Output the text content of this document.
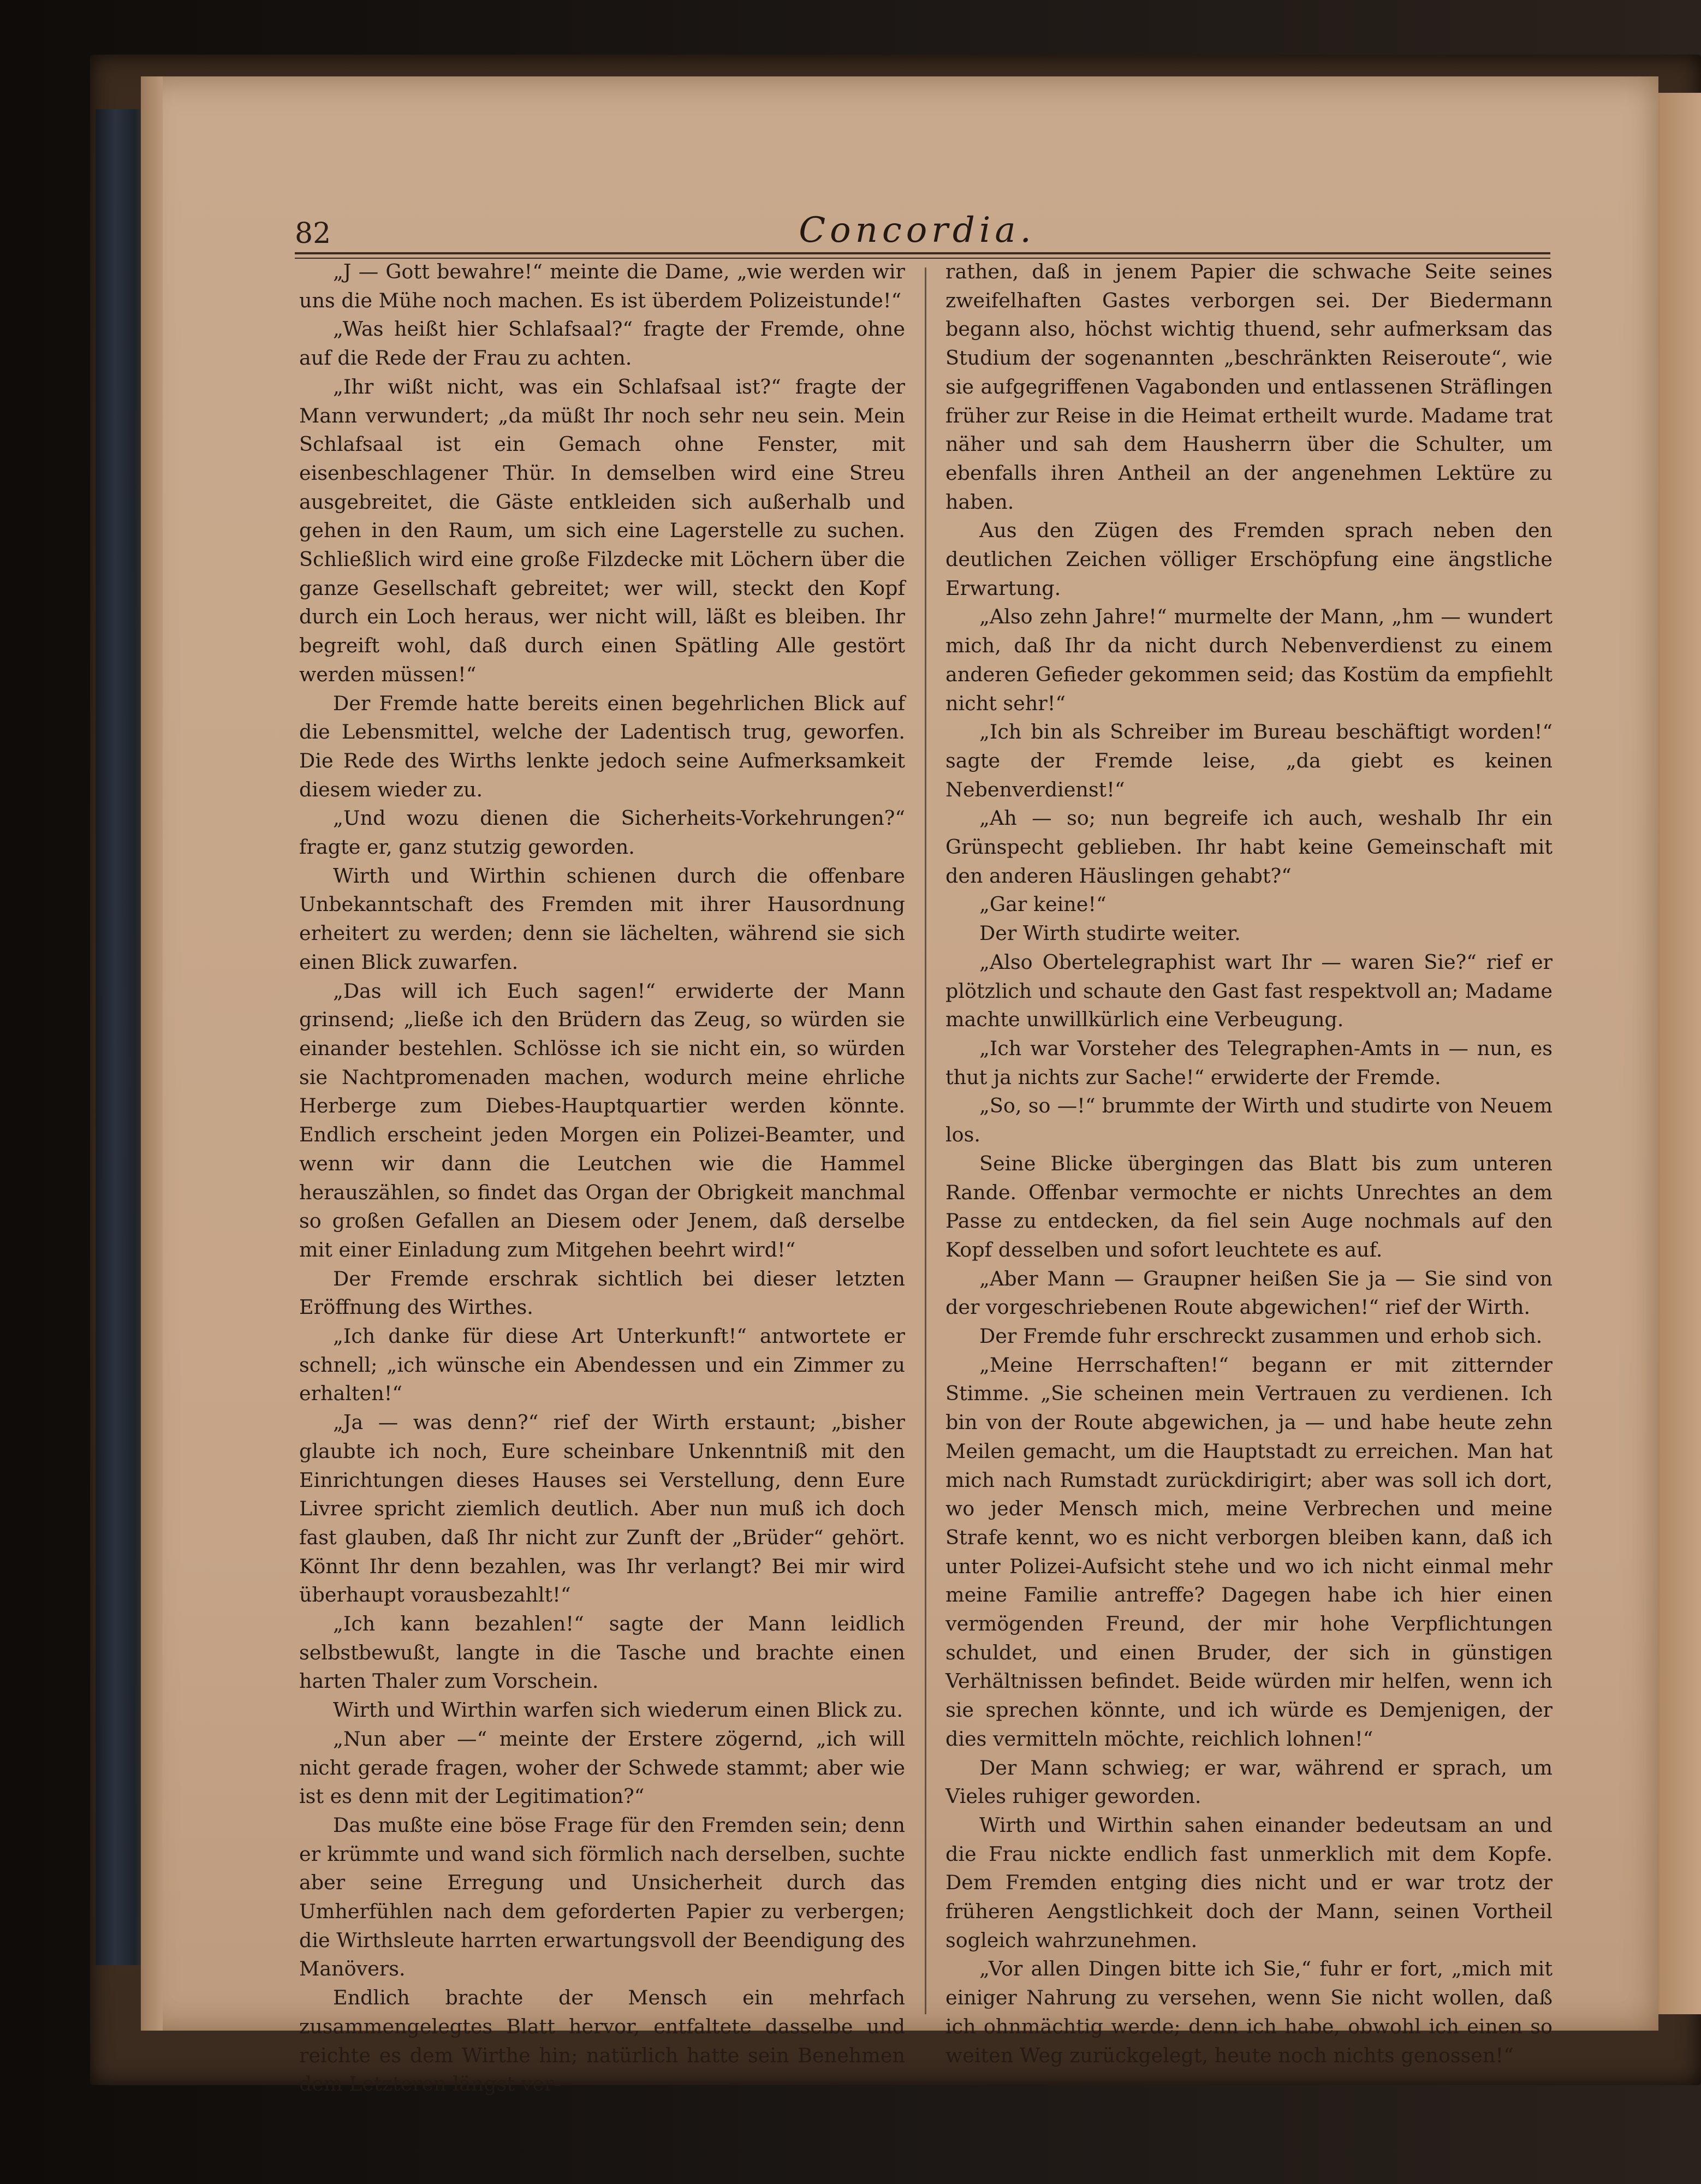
82	Concordia.

„J — Gott bewahre!“ meinte die Dame, „wie werden wir uns die Mühe noch machen. Es ist überdem Polizeistunde!“

„Was heißt hier Schlafsaal?“ fragte der Fremde, ohne auf die Rede der Frau zu achten.

„Ihr wißt nicht, was ein Schlafsaal ist?“ fragte der Mann verwundert; „da müßt Ihr noch sehr neu sein. Mein Schlafsaal ist ein Gemach ohne Fenster, mit eisenbeschlagener Thür. In demselben wird eine Streu ausgebreitet, die Gäste entkleiden sich außerhalb und gehen in den Raum, um sich eine Lagerstelle zu suchen. Schließlich wird eine große Filzdecke mit Löchern über die ganze Gesellschaft gebreitet; wer will, steckt den Kopf durch ein Loch heraus, wer nicht will, läßt es bleiben. Ihr begreift wohl, daß durch einen Spätling Alle gestört werden müssen!“

Der Fremde hatte bereits einen begehrlichen Blick auf die Lebensmittel, welche der Ladentisch trug, geworfen. Die Rede des Wirths lenkte jedoch seine Aufmerksamkeit diesem wieder zu.

„Und wozu dienen die Sicherheits-Vorkehrungen?“ fragte er, ganz stutzig geworden.

Wirth und Wirthin schienen durch die offenbare Unbekanntschaft des Fremden mit ihrer Hausordnung erheitert zu werden; denn sie lächelten, während sie sich einen Blick zuwarfen.

„Das will ich Euch sagen!“ erwiderte der Mann grinsend; „ließe ich den Brüdern das Zeug, so würden sie einander bestehlen. Schlösse ich sie nicht ein, so würden sie Nachtpromenaden machen, wodurch meine ehrliche Herberge zum Diebes-Hauptquartier werden könnte. Endlich erscheint jeden Morgen ein Polizei-Beamter, und wenn wir dann die Leutchen wie die Hammel herauszählen, so findet das Organ der Obrigkeit manchmal so großen Gefallen an Diesem oder Jenem, daß derselbe mit einer Einladung zum Mitgehen beehrt wird!“

Der Fremde erschrak sichtlich bei dieser letzten Eröffnung des Wirthes.

„Ich danke für diese Art Unterkunft!“ antwortete er schnell; „ich wünsche ein Abendessen und ein Zimmer zu erhalten!“

„Ja — was denn?“ rief der Wirth erstaunt; „bisher glaubte ich noch, Eure scheinbare Unkenntniß mit den Einrichtungen dieses Hauses sei Verstellung, denn Eure Livree spricht ziemlich deutlich. Aber nun muß ich doch fast glauben, daß Ihr nicht zur Zunft der „Brüder“ gehört. Könnt Ihr denn bezahlen, was Ihr verlangt? Bei mir wird überhaupt vorausbezahlt!“

„Ich kann bezahlen!“ sagte der Mann leidlich selbstbewußt, langte in die Tasche und brachte einen harten Thaler zum Vorschein.

Wirth und Wirthin warfen sich wiederum einen Blick zu.

„Nun aber —“ meinte der Erstere zögernd, „ich will nicht gerade fragen, woher der Schwede stammt; aber wie ist es denn mit der Legitimation?“

Das mußte eine böse Frage für den Fremden sein; denn er krümmte und wand sich förmlich nach derselben, suchte aber seine Erregung und Unsicherheit durch das Umherfühlen nach dem geforderten Papier zu verbergen; die Wirthsleute harrten erwartungsvoll der Beendigung des Manövers.

Endlich brachte der Mensch ein mehrfach zusammengelegtes Blatt hervor, entfaltete dasselbe und reichte es dem Wirthe hin; natürlich hatte sein Benehmen dem Letzteren längst ver-

rathen, daß in jenem Papier die schwache Seite seines zweifelhaften Gastes verborgen sei. Der Biedermann begann also, höchst wichtig thuend, sehr aufmerksam das Studium der sogenannten „beschränkten Reiseroute“, wie sie aufgegriffenen Vagabonden und entlassenen Sträflingen früher zur Reise in die Heimat ertheilt wurde. Madame trat näher und sah dem Hausherrn über die Schulter, um ebenfalls ihren Antheil an der angenehmen Lektüre zu haben.

Aus den Zügen des Fremden sprach neben den deutlichen Zeichen völliger Erschöpfung eine ängstliche Erwartung.

„Also zehn Jahre!“ murmelte der Mann, „hm — wundert mich, daß Ihr da nicht durch Nebenverdienst zu einem anderen Gefieder gekommen seid; das Kostüm da empfiehlt nicht sehr!“

„Ich bin als Schreiber im Bureau beschäftigt worden!“ sagte der Fremde leise, „da giebt es keinen Nebenverdienst!“

„Ah — so; nun begreife ich auch, weshalb Ihr ein Grünspecht geblieben. Ihr habt keine Gemeinschaft mit den anderen Häuslingen gehabt?“

„Gar keine!“

Der Wirth studirte weiter.

„Also Obertelegraphist wart Ihr — waren Sie?“ rief er plötzlich und schaute den Gast fast respektvoll an; Madame machte unwillkürlich eine Verbeugung.

„Ich war Vorsteher des Telegraphen-Amts in — nun, es thut ja nichts zur Sache!“ erwiderte der Fremde.

„So, so —!“ brummte der Wirth und studirte von Neuem los.

Seine Blicke übergingen das Blatt bis zum unteren Rande. Offenbar vermochte er nichts Unrechtes an dem Passe zu entdecken, da fiel sein Auge nochmals auf den Kopf desselben und sofort leuchtete es auf.

„Aber Mann — Graupner heißen Sie ja — Sie sind von der vorgeschriebenen Route abgewichen!“ rief der Wirth.

Der Fremde fuhr erschreckt zusammen und erhob sich.

„Meine Herrschaften!“ begann er mit zitternder Stimme. „Sie scheinen mein Vertrauen zu verdienen. Ich bin von der Route abgewichen, ja — und habe heute zehn Meilen gemacht, um die Hauptstadt zu erreichen. Man hat mich nach Rumstadt zurückdirigirt; aber was soll ich dort, wo jeder Mensch mich, meine Verbrechen und meine Strafe kennt, wo es nicht verborgen bleiben kann, daß ich unter Polizei-Aufsicht stehe und wo ich nicht einmal mehr meine Familie antreffe? Dagegen habe ich hier einen vermögenden Freund, der mir hohe Verpflichtungen schuldet, und einen Bruder, der sich in günstigen Verhältnissen befindet. Beide würden mir helfen, wenn ich sie sprechen könnte, und ich würde es Demjenigen, der dies vermitteln möchte, reichlich lohnen!“

Der Mann schwieg; er war, während er sprach, um Vieles ruhiger geworden.

Wirth und Wirthin sahen einander bedeutsam an und die Frau nickte endlich fast unmerklich mit dem Kopfe. Dem Fremden entging dies nicht und er war trotz der früheren Aengstlichkeit doch der Mann, seinen Vortheil sogleich wahrzunehmen.

„Vor allen Dingen bitte ich Sie,“ fuhr er fort, „mich mit einiger Nahrung zu versehen, wenn Sie nicht wollen, daß ich ohnmächtig werde; denn ich habe, obwohl ich einen so weiten Weg zurückgelegt, heute noch nichts genossen!“
